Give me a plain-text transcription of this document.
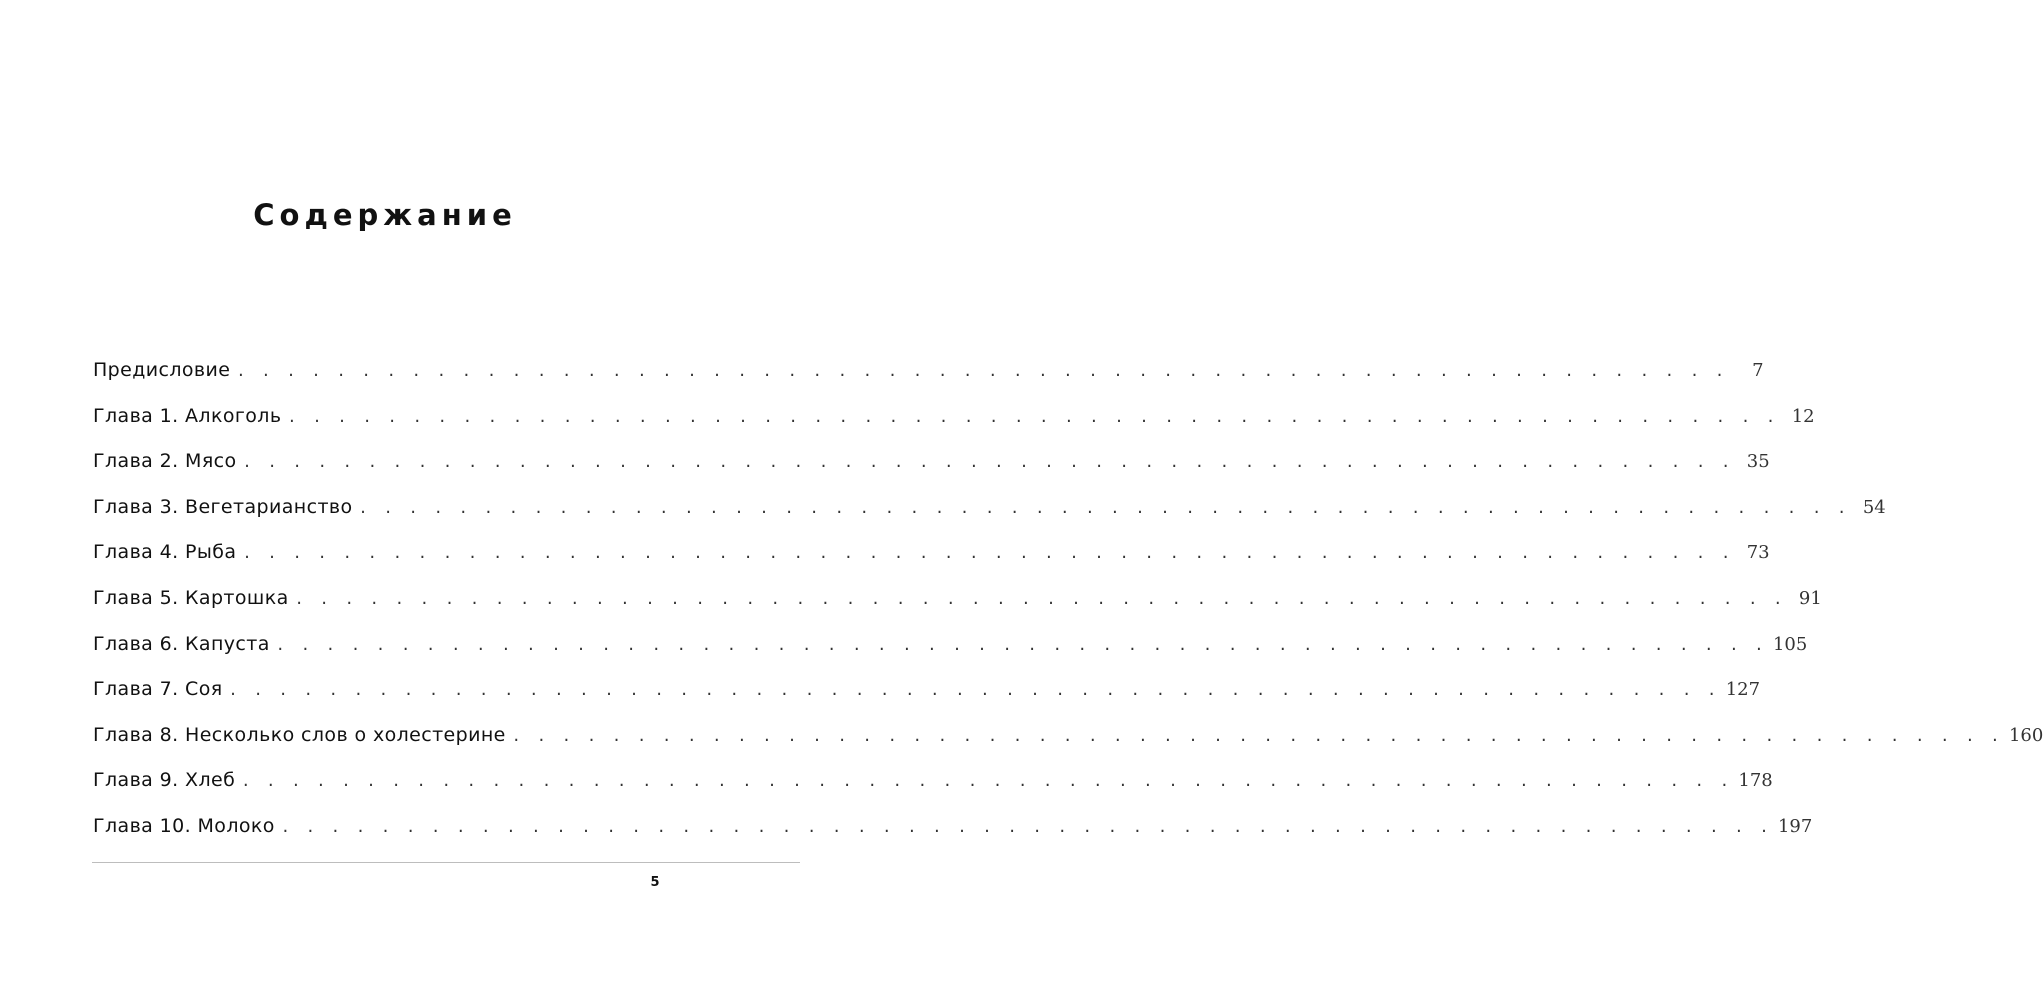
Содержание
Предисловие . . . . . . . . . . . . . . . . . . . . . . . . . . . . . . . . . . . . . . . . . . . . . . . . . . . . . . . . . . . .	7
Глава 1. Алкоголь . . . . . . . . . . . . . . . . . . . . . . . . . . . . . . . . . . . . . . . . . . . . . . . . . . . . . . . . . . . . 12
Глава 2. Мясо . . . . . . . . . . . . . . . . . . . . . . . . . . . . . . . . . . . . . . . . . . . . . . . . . . . . . . . . . . . . 35
Глава 3. Вегетарианство . . . . . . . . . . . . . . . . . . . . . . . . . . . . . . . . . . . . . . . . . . . . . . . . . . . . . . . . . . . . 54
Глава 4. Рыба . . . . . . . . . . . . . . . . . . . . . . . . . . . . . . . . . . . . . . . . . . . . . . . . . . . . . . . . . . . . 73
Глава 5. Картошка . . . . . . . . . . . . . . . . . . . . . . . . . . . . . . . . . . . . . . . . . . . . . . . . . . . . . . . . . . . . 91
Глава 6. Капуста . . . . . . . . . . . . . . . . . . . . . . . . . . . . . . . . . . . . . . . . . . . . . . . . . . . . . . . . . . . . 105
Глава 7. Соя . . . . . . . . . . . . . . . . . . . . . . . . . . . . . . . . . . . . . . . . . . . . . . . . . . . . . . . . . . . . 127
Глава 8. Несколько слов о холестерине . . . . . . . . . . . . . . . . . . . . . . . . . . . . . . . . . . . . . . . . . . . . . . . . . . . . . . . . . . . . 160
Глава 9. Хлеб . . . . . . . . . . . . . . . . . . . . . . . . . . . . . . . . . . . . . . . . . . . . . . . . . . . . . . . . . . . . 178
Глава 10. Молоко . . . . . . . . . . . . . . . . . . . . . . . . . . . . . . . . . . . . . . . . . . . . . . . . . . . . . . . . . . . . 197
5
